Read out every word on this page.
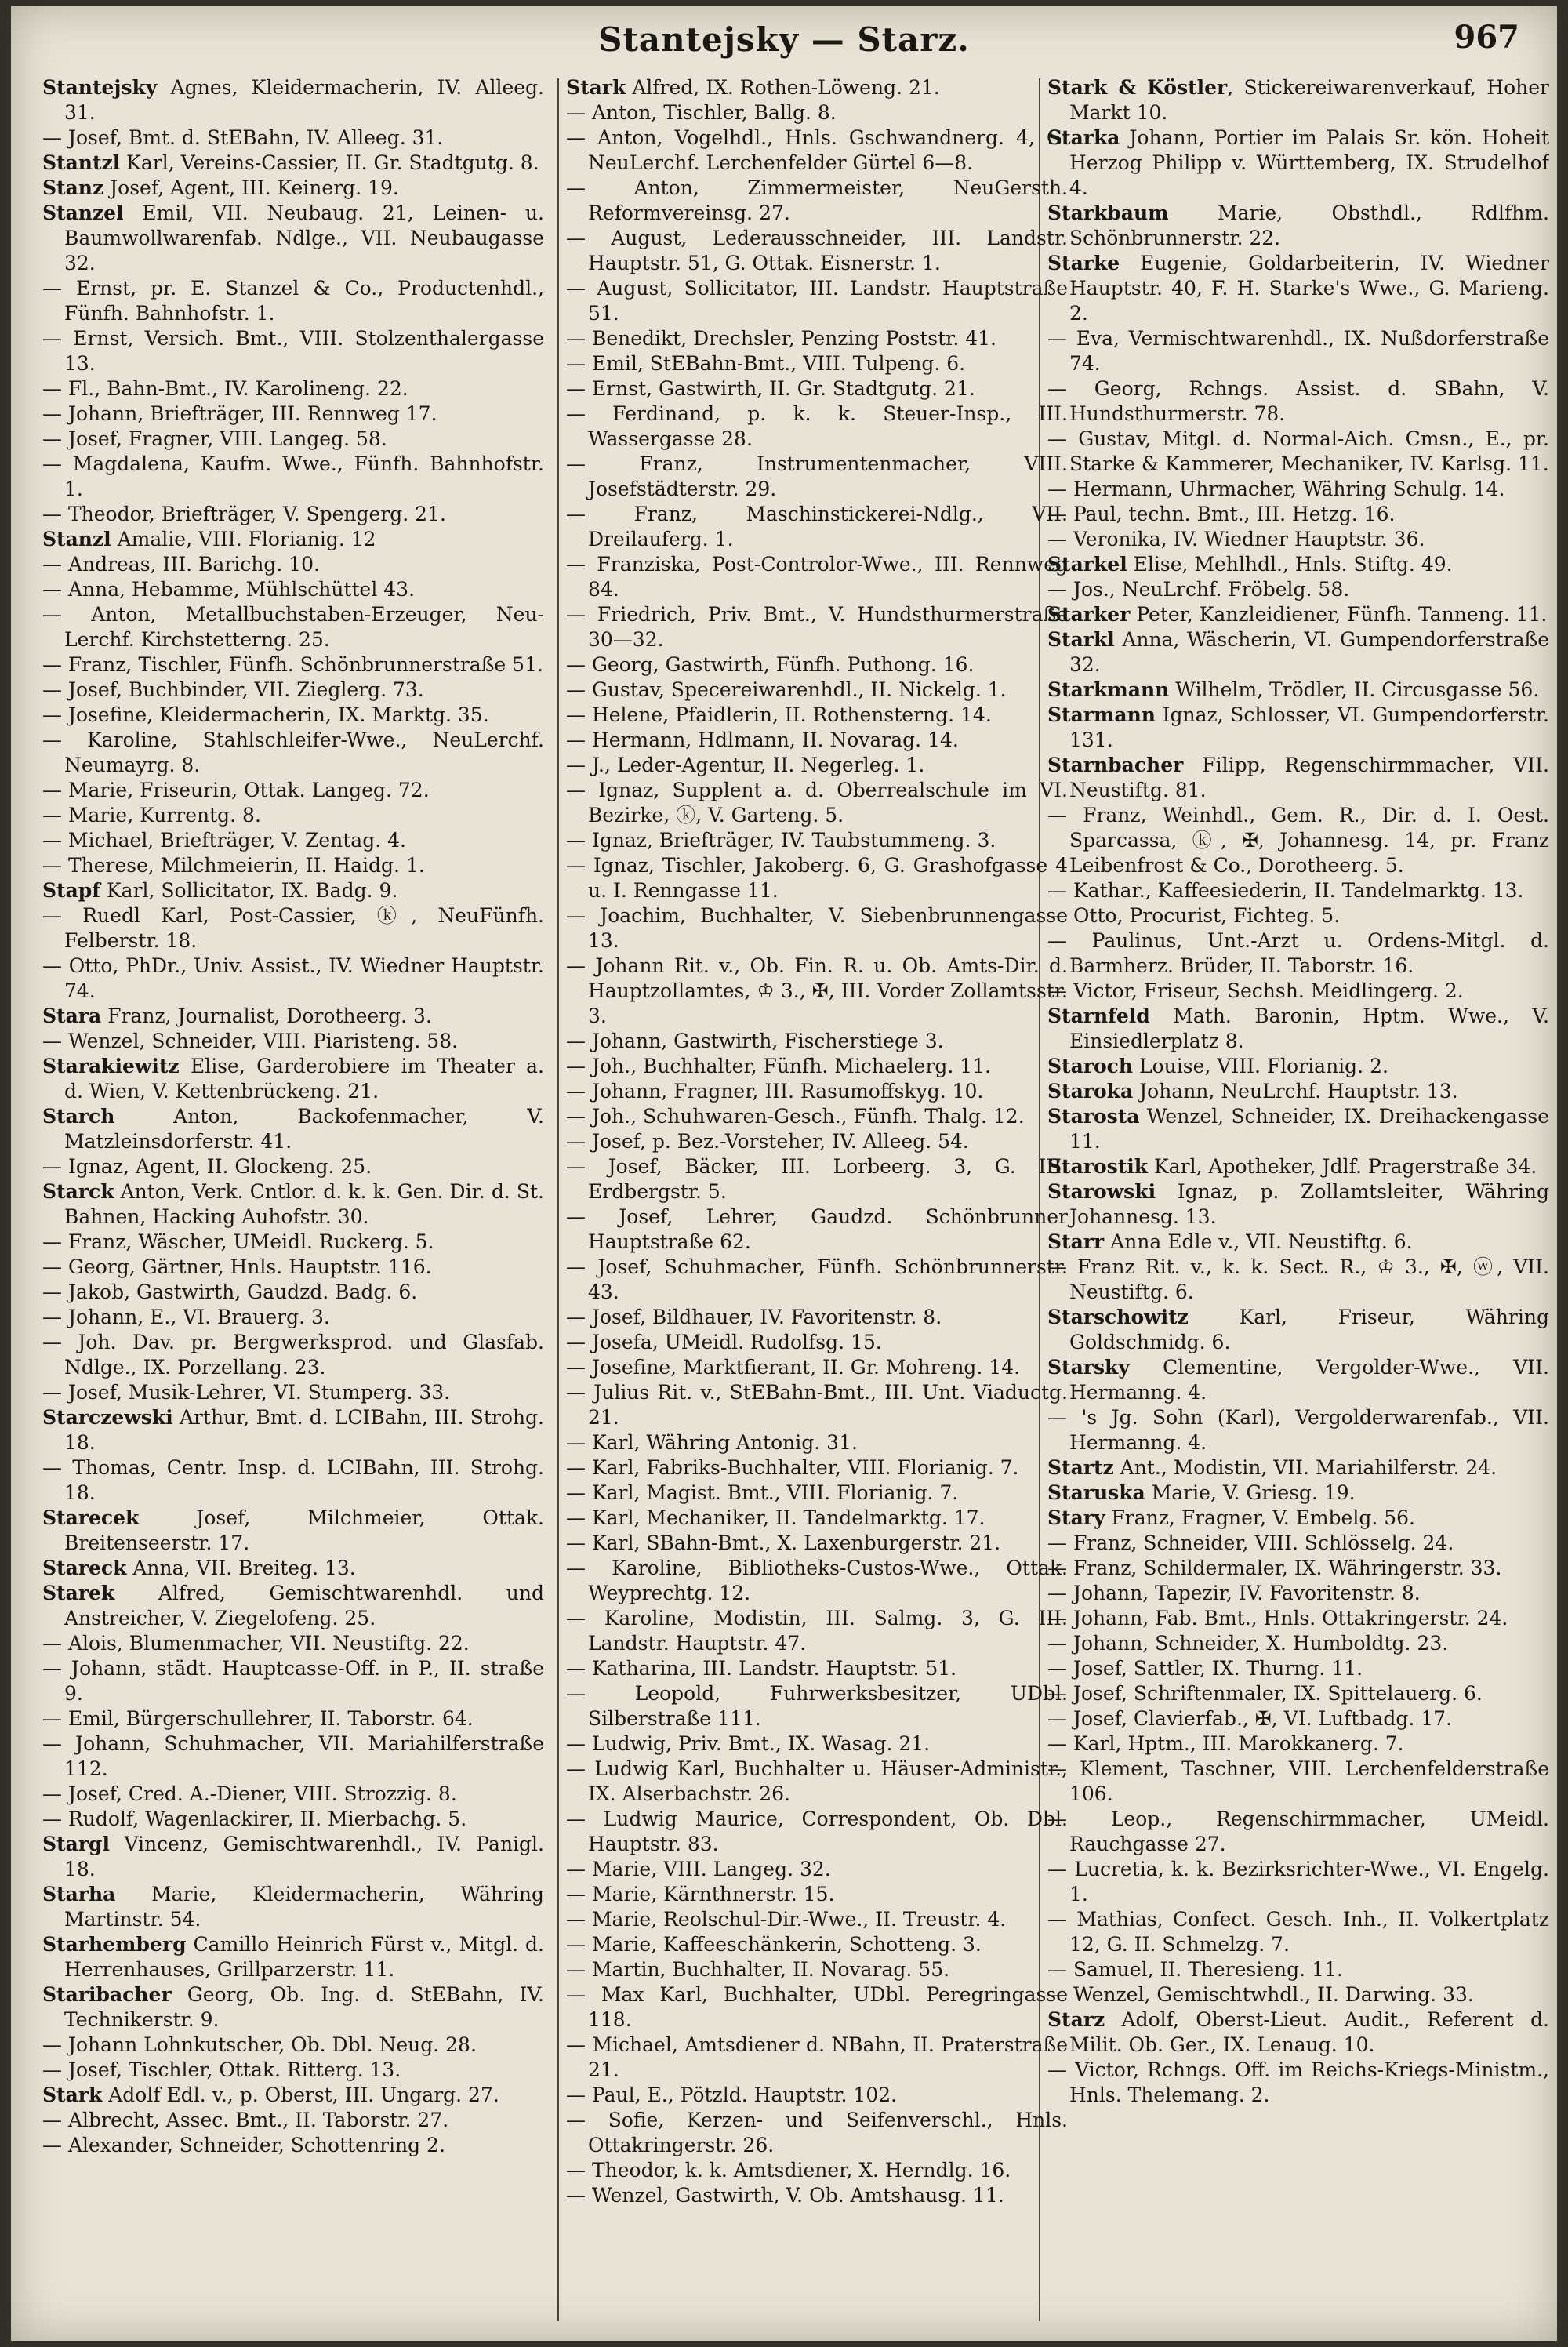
Stantejsky — Starz.	967

Stantejsky Agnes, Kleidermacherin, IV. Alleeg. 31.

— Josef, Bmt. d. StEBahn, IV. Alleeg. 31.

Stantzl Karl, Vereins-Cassier, II. Gr. Stadtgutg. 8.

Stanz Josef, Agent, III. Keinerg. 19.

Stanzel Emil, VII. Neubaug. 21, Leinen- u. Baumwollwarenfab. Ndlge., VII. Neubaugasse 32.

— Ernst, pr. E. Stanzel & Co., Productenhdl., Fünfh. Bahnhofstr. 1.

— Ernst, Versich. Bmt., VIII. Stolzenthalergasse 13.

— Fl., Bahn-Bmt., IV. Karolineng. 22.

— Johann, Briefträger, III. Rennweg 17.

— Josef, Fragner, VIII. Langeg. 58.

— Magdalena, Kaufm. Wwe., Fünfh. Bahnhofstr. 1.

— Theodor, Briefträger, V. Spengerg. 21.

Stanzl Amalie, VIII. Florianig. 12

— Andreas, III. Barichg. 10.

— Anna, Hebamme, Mühlschüttel 43.

— Anton, Metallbuchstaben-Erzeuger, Neu-Lerchf. Kirchstetterng. 25.

— Franz, Tischler, Fünfh. Schönbrunnerstraße 51.

— Josef, Buchbinder, VII. Zieglerg. 73.

— Josefine, Kleidermacherin, IX. Marktg. 35.

— Karoline, Stahlschleifer-Wwe., NeuLerchf. Neumayrg. 8.

— Marie, Friseurin, Ottak. Langeg. 72.

— Marie, Kurrentg. 8.

— Michael, Briefträger, V. Zentag. 4.

— Therese, Milchmeierin, II. Haidg. 1.

Stapf Karl, Sollicitator, IX. Badg. 9.

— Ruedl Karl, Post-Cassier, ⓚ, NeuFünfh. Felberstr. 18.

— Otto, PhDr., Univ. Assist., IV. Wiedner Hauptstr. 74.

Stara Franz, Journalist, Dorotheerg. 3.

— Wenzel, Schneider, VIII. Piaristeng. 58.

Starakiewitz Elise, Garderobiere im Theater a. d. Wien, V. Kettenbrückeng. 21.

Starch Anton, Backofenmacher, V. Matzleinsdorferstr. 41.

— Ignaz, Agent, II. Glockeng. 25.

Starck Anton, Verk. Cntlor. d. k. k. Gen. Dir. d. St. Bahnen, Hacking Auhofstr. 30.

— Franz, Wäscher, UMeidl. Ruckerg. 5.

— Georg, Gärtner, Hnls. Hauptstr. 116.

— Jakob, Gastwirth, Gaudzd. Badg. 6.

— Johann, E., VI. Brauerg. 3.

— Joh. Dav. pr. Bergwerksprod. und Glasfab. Ndlge., IX. Porzellang. 23.

— Josef, Musik-Lehrer, VI. Stumperg. 33.

Starczewski Arthur, Bmt. d. LCIBahn, III. Strohg. 18.

— Thomas, Centr. Insp. d. LCIBahn, III. Strohg. 18.

Starecek Josef, Milchmeier, Ottak. Breitenseerstr. 17.

Stareck Anna, VII. Breiteg. 13.

Starek Alfred, Gemischtwarenhdl. und Anstreicher, V. Ziegelofeng. 25.

— Alois, Blumenmacher, VII. Neustiftg. 22.

— Johann, städt. Hauptcasse-Off. in P., II. straße 9.

— Emil, Bürgerschullehrer, II. Taborstr. 64.

— Johann, Schuhmacher, VII. Mariahilferstraße 112.

— Josef, Cred. A.-Diener, VIII. Strozzig. 8.

— Rudolf, Wagenlackirer, II. Mierbachg. 5.

Stargl Vincenz, Gemischtwarenhdl., IV. Panigl. 18.

Starha Marie, Kleidermacherin, Währing Martinstr. 54.

Starhemberg Camillo Heinrich Fürst v., Mitgl. d. Herrenhauses, Grillparzerstr. 11.

Staribacher Georg, Ob. Ing. d. StEBahn, IV. Technikerstr. 9.

— Johann Lohnkutscher, Ob. Dbl. Neug. 28.

— Josef, Tischler, Ottak. Ritterg. 13.

Stark Adolf Edl. v., p. Oberst, III. Ungarg. 27.

— Albrecht, Assec. Bmt., II. Taborstr. 27.

— Alexander, Schneider, Schottenring 2.

Stark Alfred, IX. Rothen-Löweng. 21.

— Anton, Tischler, Ballg. 8.

— Anton, Vogelhdl., Hnls. Gschwandnerg. 4, G. NeuLerchf. Lerchenfelder Gürtel 6—8.

— Anton, Zimmermeister, NeuGersth. Reformvereinsg. 27.

— August, Lederausschneider, III. Landstr. Hauptstr. 51, G. Ottak. Eisnerstr. 1.

— August, Sollicitator, III. Landstr. Hauptstraße 51.

— Benedikt, Drechsler, Penzing Poststr. 41.

— Emil, StEBahn-Bmt., VIII. Tulpeng. 6.

— Ernst, Gastwirth, II. Gr. Stadtgutg. 21.

— Ferdinand, p. k. k. Steuer-Insp., III. Wassergasse 28.

— Franz, Instrumentenmacher, VIII. Josefstädterstr. 29.

— Franz, Maschinstickerei-Ndlg., VII. Dreilauferg. 1.

— Franziska, Post-Controlor-Wwe., III. Rennweg 84.

— Friedrich, Priv. Bmt., V. Hundsthurmerstraße 30—32.

— Georg, Gastwirth, Fünfh. Puthong. 16.

— Gustav, Specereiwarenhdl., II. Nickelg. 1.

— Helene, Pfaidlerin, II. Rothensterng. 14.

— Hermann, Hdlmann, II. Novarag. 14.

— J., Leder-Agentur, II. Negerleg. 1.

— Ignaz, Supplent a. d. Oberrealschule im VI. Bezirke, ⓚ, V. Garteng. 5.

— Ignaz, Briefträger, IV. Taubstummeng. 3.

— Ignaz, Tischler, Jakoberg. 6, G. Grashofgasse 4 u. I. Renngasse 11.

— Joachim, Buchhalter, V. Siebenbrunnengasse 13.

— Johann Rit. v., Ob. Fin. R. u. Ob. Amts-Dir. d. Hauptzollamtes, ♔ 3., ✠, III. Vorder Zollamtsstr. 3.

— Johann, Gastwirth, Fischerstiege 3.

— Joh., Buchhalter, Fünfh. Michaelerg. 11.

— Johann, Fragner, III. Rasumoffskyg. 10.

— Joh., Schuhwaren-Gesch., Fünfh. Thalg. 12.

— Josef, p. Bez.-Vorsteher, IV. Alleeg. 54.

— Josef, Bäcker, III. Lorbeerg. 3, G. III. Erdbergstr. 5.

— Josef, Lehrer, Gaudzd. Schönbrunner Hauptstraße 62.

— Josef, Schuhmacher, Fünfh. Schönbrunnerstr. 43.

— Josef, Bildhauer, IV. Favoritenstr. 8.

— Josefa, UMeidl. Rudolfsg. 15.

— Josefine, Marktfierant, II. Gr. Mohreng. 14.

— Julius Rit. v., StEBahn-Bmt., III. Unt. Viaductg. 21.

— Karl, Währing Antonig. 31.

— Karl, Fabriks-Buchhalter, VIII. Florianig. 7.

— Karl, Magist. Bmt., VIII. Florianig. 7.

— Karl, Mechaniker, II. Tandelmarktg. 17.

— Karl, SBahn-Bmt., X. Laxenburgerstr. 21.

— Karoline, Bibliotheks-Custos-Wwe., Ottak. Weyprechtg. 12.

— Karoline, Modistin, III. Salmg. 3, G. III. Landstr. Hauptstr. 47.

— Katharina, III. Landstr. Hauptstr. 51.

— Leopold, Fuhrwerksbesitzer, UDbl. Silberstraße 111.

— Ludwig, Priv. Bmt., IX. Wasag. 21.

— Ludwig Karl, Buchhalter u. Häuser-Administr., IX. Alserbachstr. 26.

— Ludwig Maurice, Correspondent, Ob. Dbl. Hauptstr. 83.

— Marie, VIII. Langeg. 32.

— Marie, Kärnthnerstr. 15.

— Marie, Reolschul-Dir.-Wwe., II. Treustr. 4.

— Marie, Kaffeeschänkerin, Schotteng. 3.

— Martin, Buchhalter, II. Novarag. 55.

— Max Karl, Buchhalter, UDbl. Peregringasse 118.

— Michael, Amtsdiener d. NBahn, II. Praterstraße 21.

— Paul, E., Pötzld. Hauptstr. 102.

— Sofie, Kerzen- und Seifenverschl., Hnls. Ottakringerstr. 26.

— Theodor, k. k. Amtsdiener, X. Herndlg. 16.

— Wenzel, Gastwirth, V. Ob. Amtshausg. 11.

Stark & Köstler, Stickereiwarenverkauf, Hoher Markt 10.

Starka Johann, Portier im Palais Sr. kön. Hoheit Herzog Philipp v. Württemberg, IX. Strudelhof 4.

Starkbaum Marie, Obsthdl., Rdlfhm. Schönbrunnerstr. 22.

Starke Eugenie, Goldarbeiterin, IV. Wiedner Hauptstr. 40, F. H. Starke's Wwe., G. Marieng. 2.

— Eva, Vermischtwarenhdl., IX. Nußdorferstraße 74.

— Georg, Rchngs. Assist. d. SBahn, V. Hundsthurmerstr. 78.

— Gustav, Mitgl. d. Normal-Aich. Cmsn., E., pr. Starke & Kammerer, Mechaniker, IV. Karlsg. 11.

— Hermann, Uhrmacher, Währing Schulg. 14.

— Paul, techn. Bmt., III. Hetzg. 16.

— Veronika, IV. Wiedner Hauptstr. 36.

Starkel Elise, Mehlhdl., Hnls. Stiftg. 49.

— Jos., NeuLrchf. Fröbelg. 58.

Starker Peter, Kanzleidiener, Fünfh. Tanneng. 11.

Starkl Anna, Wäscherin, VI. Gumpendorferstraße 32.

Starkmann Wilhelm, Trödler, II. Circusgasse 56.

Starmann Ignaz, Schlosser, VI. Gumpendorferstr. 131.

Starnbacher Filipp, Regenschirmmacher, VII. Neustiftg. 81.

— Franz, Weinhdl., Gem. R., Dir. d. I. Oest. Sparcassa, ⓚ, ✠, Johannesg. 14, pr. Franz Leibenfrost & Co., Dorotheerg. 5.

— Kathar., Kaffeesiederin, II. Tandelmarktg. 13.

— Otto, Procurist, Fichteg. 5.

— Paulinus, Unt.-Arzt u. Ordens-Mitgl. d. Barmherz. Brüder, II. Taborstr. 16.

— Victor, Friseur, Sechsh. Meidlingerg. 2.

Starnfeld Math. Baronin, Hptm. Wwe., V. Einsiedlerplatz 8.

Staroch Louise, VIII. Florianig. 2.

Staroka Johann, NeuLrchf. Hauptstr. 13.

Starosta Wenzel, Schneider, IX. Dreihackengasse 11.

Starostik Karl, Apotheker, Jdlf. Pragerstraße 34.

Starowski Ignaz, p. Zollamtsleiter, Währing Johannesg. 13.

Starr Anna Edle v., VII. Neustiftg. 6.

— Franz Rit. v., k. k. Sect. R., ♔ 3., ✠, ⓦ, VII. Neustiftg. 6.

Starschowitz Karl, Friseur, Währing Goldschmidg. 6.

Starsky Clementine, Vergolder-Wwe., VII. Hermanng. 4.

— 's Jg. Sohn (Karl), Vergolderwarenfab., VII. Hermanng. 4.

Startz Ant., Modistin, VII. Mariahilferstr. 24.

Staruska Marie, V. Griesg. 19.

Stary Franz, Fragner, V. Embelg. 56.

— Franz, Schneider, VIII. Schlösselg. 24.

— Franz, Schildermaler, IX. Währingerstr. 33.

— Johann, Tapezir, IV. Favoritenstr. 8.

— Johann, Fab. Bmt., Hnls. Ottakringerstr. 24.

— Johann, Schneider, X. Humboldtg. 23.

— Josef, Sattler, IX. Thurng. 11.

— Josef, Schriftenmaler, IX. Spittelauerg. 6.

— Josef, Clavierfab., ✠, VI. Luftbadg. 17.

— Karl, Hptm., III. Marokkanerg. 7.

— Klement, Taschner, VIII. Lerchenfelderstraße 106.

— Leop., Regenschirmmacher, UMeidl. Rauchgasse 27.

— Lucretia, k. k. Bezirksrichter-Wwe., VI. Engelg. 1.

— Mathias, Confect. Gesch. Inh., II. Volkertplatz 12, G. II. Schmelzg. 7.

— Samuel, II. Theresieng. 11.

— Wenzel, Gemischtwhdl., II. Darwing. 33.

Starz Adolf, Oberst-Lieut. Audit., Referent d. Milit. Ob. Ger., IX. Lenaug. 10.

— Victor, Rchngs. Off. im Reichs-Kriegs-Ministm., Hnls. Thelemang. 2.
